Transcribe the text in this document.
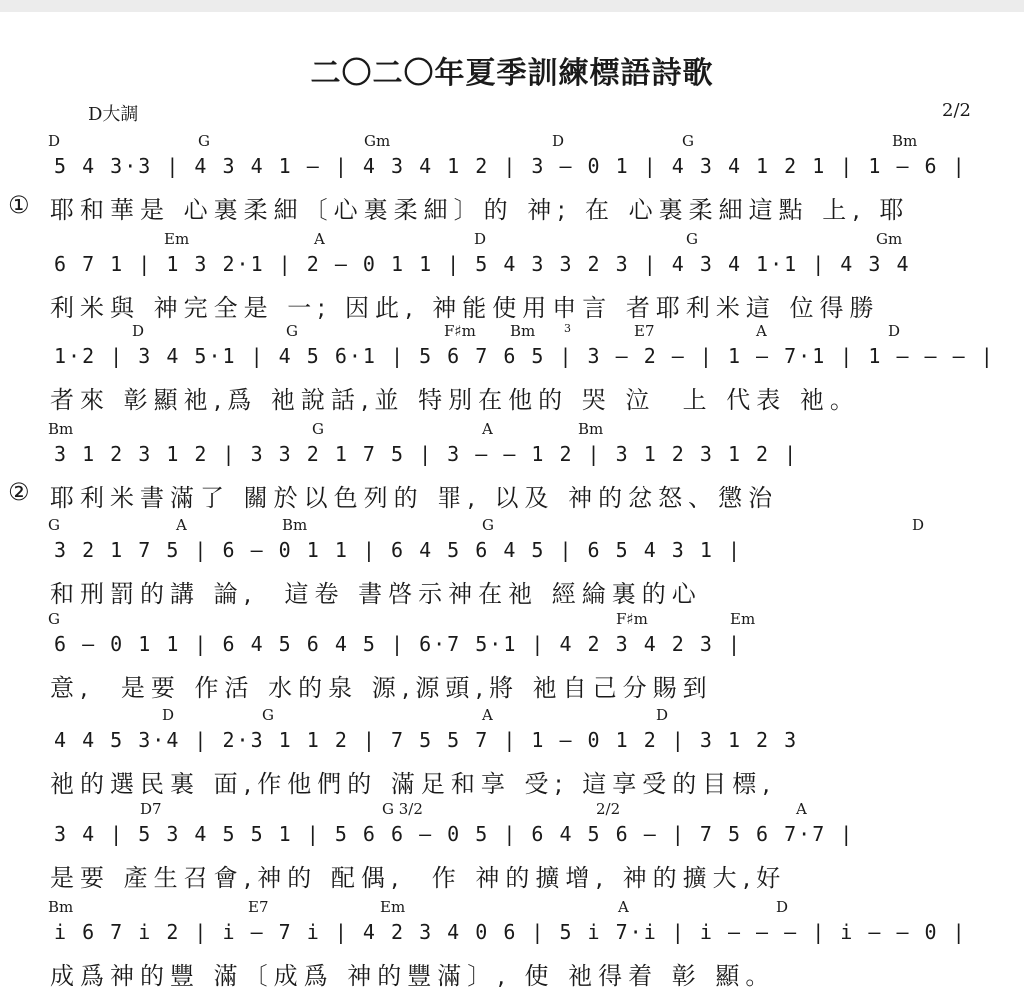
二〇二〇年夏季訓練標語詩歌
D大調	2/2
①
②
D	G	Gm	D	G	Bm
5 4 3·3 | 4 3 4 1 – | 4 3 4 1 2 | 3 – 0 1 | 4 3 4 1 2 1 | 1 – 6 |
耶和華是 心裏柔細〔心裏柔細〕的 神; 在 心裏柔細這點 上, 耶
Em	A	D	G	Gm
6 7 1 | 1 3 2·1 | 2 – 0 1 1 | 5 4 3 3 2 3 | 4 3 4 1·1 | 4 3 4
利米與 神完全是 一; 因此, 神能使用申言 者耶利米這 位得勝
D	G	F♯m Bm	3	E7	A	D
1·2 | 3 4 5·1 | 4 5 6·1 | 5 6 7 6 5 | 3 – 2 – | 1 – 7·1 | 1 – – – |
者來 彰顯祂,爲 祂說話,並 特別在他的 哭 泣  上 代表 祂。
Bm	G	A	Bm
3 1 2 3 1 2 | 3 3 2 1 7 5 | 3 – – 1 2 | 3 1 2 3 1 2 |
耶利米書滿了 關於以色列的 罪, 以及 神的忿怒、懲治
G	A	Bm	G	D
3 2 1 7 5 | 6 – 0 1 1 | 6 4 5 6 4 5 | 6 5 4 3 1 |
和刑罰的講 論,  這卷 書啓示神在祂 經綸裏的心
G	F♯m	Em
6 – 0 1 1 | 6 4 5 6 4 5 | 6·7 5·1 | 4 2 3 4 2 3 |
意,  是要 作活 水的泉 源,源頭,將 祂自己分賜到
D	G	A	D
4 4 5 3·4 | 2·3 1 1 2 | 7 5 5 7 | 1 – 0 1 2 | 3 1 2 3
祂的選民裏 面,作他們的 滿足和享 受; 這享受的目標,
D7	G 3/2	2/2	A
3 4 | 5 3 4 5 5 1 | 5 6 6 – 0 5 | 6 4 5 6 – | 7 5 6 7·7 |
是要 產生召會,神的 配偶,  作 神的擴增, 神的擴大,好
Bm	E7	Em	A	D
i 6 7 i 2 | i – 7 i | 4 2 3 4 0 6 | 5 i 7·i | i – – – | i – – 0 |
成爲神的豐 滿〔成爲 神的豐滿〕, 使 祂得着 彰 顯。
